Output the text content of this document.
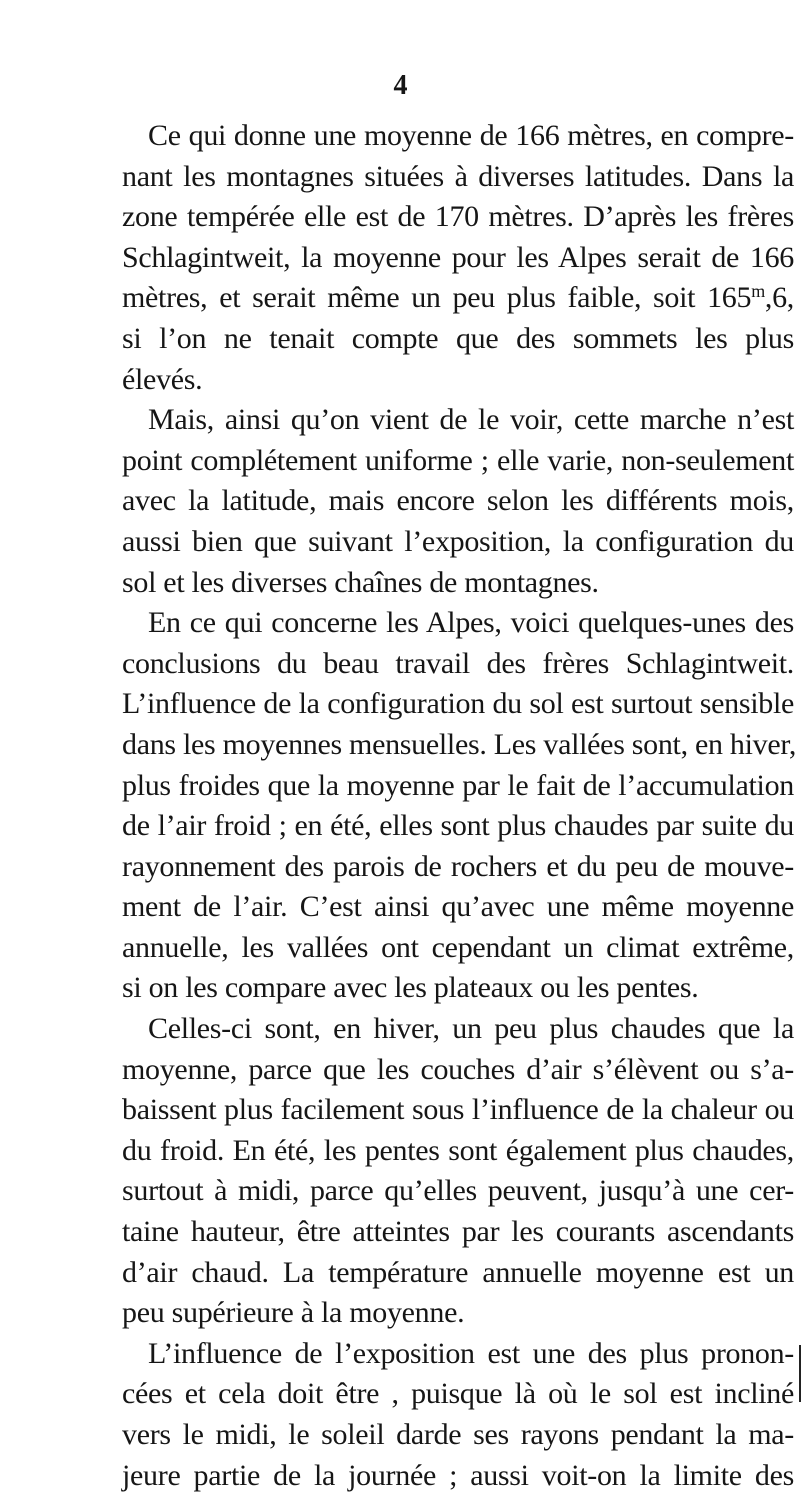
4
Ce qui donne une moyenne de 166 mètres, en compre-
nant les montagnes situées à diverses latitudes. Dans la
zone tempérée elle est de 170 mètres. D’après les frères
Schlagintweit, la moyenne pour les Alpes serait de 166
mètres, et serait même un peu plus faible, soit 165$^m$,6,
si l’on ne tenait compte que des sommets les plus
élevés.
Mais, ainsi qu’on vient de le voir, cette marche n’est
point complétement uniforme ; elle varie, non-seulement
avec la latitude, mais encore selon les différents mois,
aussi bien que suivant l’exposition, la configuration du
sol et les diverses chaînes de montagnes.
En ce qui concerne les Alpes, voici quelques-unes des
conclusions du beau travail des frères Schlagintweit.
L’influence de la configuration du sol est surtout sensible
dans les moyennes mensuelles. Les vallées sont, en hiver,
plus froides que la moyenne par le fait de l’accumulation
de l’air froid ; en été, elles sont plus chaudes par suite du
rayonnement des parois de rochers et du peu de mouve-
ment de l’air. C’est ainsi qu’avec une même moyenne
annuelle, les vallées ont cependant un climat extrême,
si on les compare avec les plateaux ou les pentes.
Celles-ci sont, en hiver, un peu plus chaudes que la
moyenne, parce que les couches d’air s’élèvent ou s’a-
baissent plus facilement sous l’influence de la chaleur ou
du froid. En été, les pentes sont également plus chaudes,
surtout à midi, parce qu’elles peuvent, jusqu’à une cer-
taine hauteur, être atteintes par les courants ascendants
d’air chaud. La température annuelle moyenne est un
peu supérieure à la moyenne.
L’influence de l’exposition est une des plus pronon-
cées et cela doit être , puisque là où le sol est incliné
vers le midi, le soleil darde ses rayons pendant la ma-
jeure partie de la journée ; aussi voit-on la limite des
